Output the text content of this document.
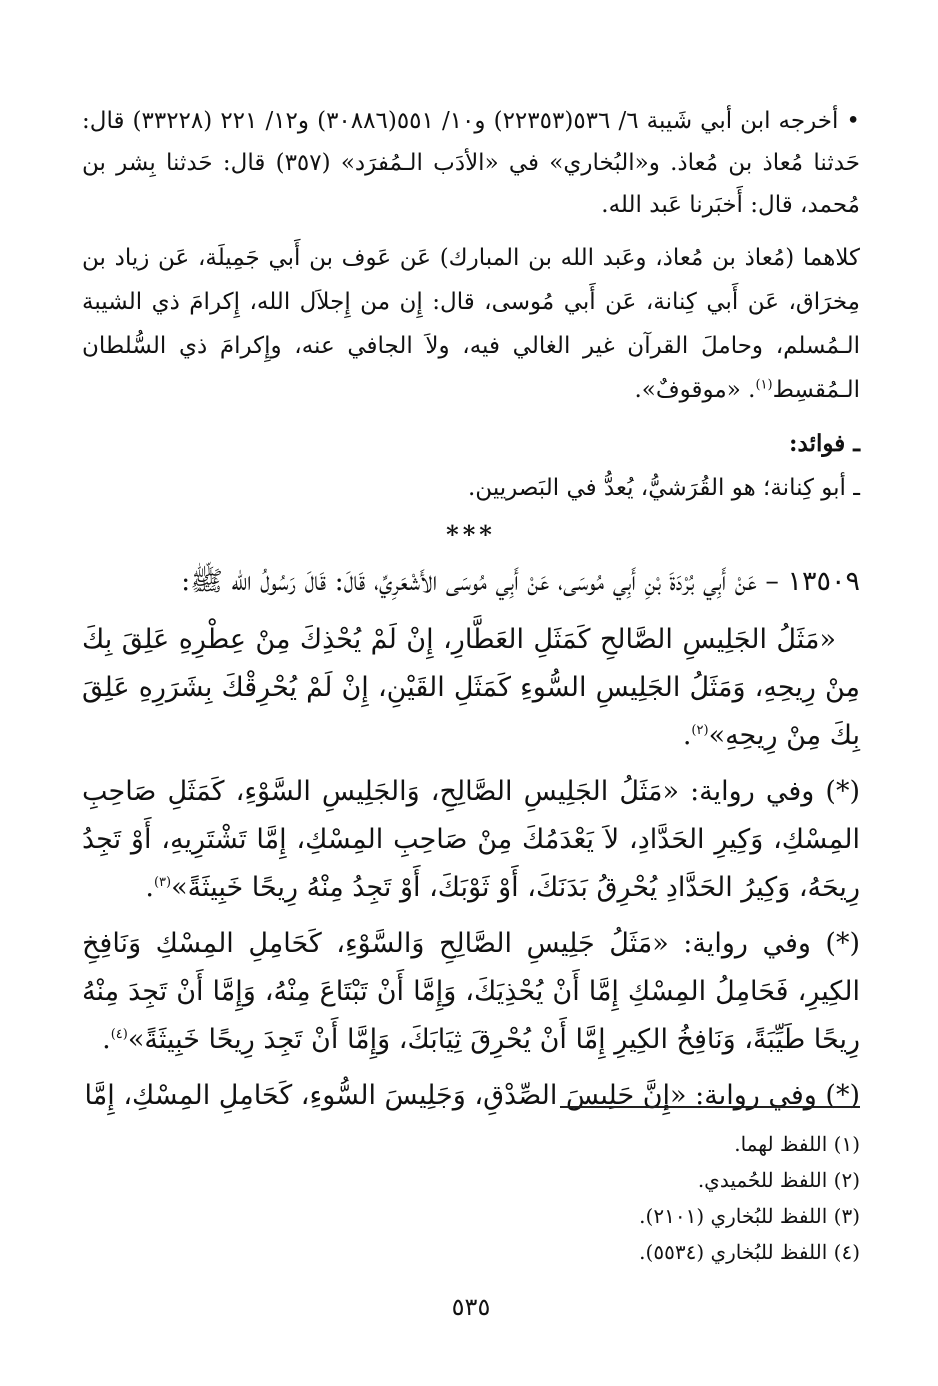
•أخرجه ابن أبي شَيبة ٦/ ٥٣٦(٢٢٣٥٣) و١٠/ ٥٥١(٣٠٨٨٦) و١٢/ ٢٢١ (٣٣٢٢٨) قال: حَدثنا مُعاذ بن مُعاذ. و«البُخاري» في «الأدَب الـمُفرَد» (٣٥٧) قال: حَدثنا بِشر بن مُحمد، قال: أَخبَرنا عَبد الله.

كلاهما (مُعاذ بن مُعاذ، وعَبد الله بن المبارك) عَن عَوف بن أَبي جَمِيلَة، عَن زياد بن مِخرَاق، عَن أَبي كِنانة، عَن أَبي مُوسى، قال: إِن من إِجلاَل الله، إِكرامَ ذي الشيبة الـمُسلم، وحاملَ القرآن غير الغالي فيه، ولاَ الجافي عنه، وإِكرامَ ذي السُّلطان الـمُقسِط$^{(١)}$. «موقوفٌ».

ـ فوائد:

ـ أبو كِنانة؛ هو القُرَشيُّ، يُعدُّ في البَصريين.

***

١٣٥٠٩ – عَنْ أَبِي بُرْدَةَ بْنِ أَبِي مُوسَى، عَنْ أَبِي مُوسَى الأَشْعَرِيِّ، قَالَ: قَالَ رَسُولُ الله ﷺ:

«مَثَلُ الجَلِيسِ الصَّالحِ كَمَثَلِ العَطَّارِ، إِنْ لَمْ يُحْذِكَ مِنْ عِطْرِهِ عَلِقَ بِكَ مِنْ رِيحِهِ، وَمَثَلُ الجَلِيسِ السُّوءِ كَمَثَلِ القَيْنِ، إِنْ لَمْ يُحْرِقْكَ بِشَرَرِهِ عَلِقَ بِكَ مِنْ رِيحِهِ»$^{(٢)}$.

(*) وفي رواية: «مَثَلُ الجَلِيسِ الصَّالِحِ، وَالجَلِيسِ السَّوْءِ، كَمَثَلِ صَاحِبِ المِسْكِ، وَكِيرِ الحَدَّادِ، لاَ يَعْدَمُكَ مِنْ صَاحِبِ المِسْكِ، إِمَّا تَشْتَرِيهِ، أَوْ تَجِدُ رِيحَهُ، وَكِيرُ الحَدَّادِ يُحْرِقُ بَدَنَكَ، أَوْ ثَوْبَكَ، أَوْ تَجِدُ مِنْهُ رِيحًا خَبِيثَةً»$^{(٣)}$.

(*) وفي رواية: «مَثَلُ جَلِيسِ الصَّالِحِ وَالسَّوْءِ، كَحَامِلِ المِسْكِ وَنَافِخِ الكِيرِ، فَحَامِلُ المِسْكِ إِمَّا أَنْ يُحْذِيَكَ، وَإِمَّا أَنْ تَبْتَاعَ مِنْهُ، وَإِمَّا أَنْ تَجِدَ مِنْهُ رِيحًا طَيِّبَةً، وَنَافِخُ الكِيرِ إِمَّا أَنْ يُحْرِقَ ثِيَابَكَ، وَإِمَّا أَنْ تَجِدَ رِيحًا خَبِيثَةً»$^{(٤)}$.

(*) وفي رواية: «إِنَّ جَلِيسَ الصِّدْقِ، وَجَلِيسَ السُّوءِ، كَحَامِلِ المِسْكِ، إِمَّا

(١) اللفظ لهما.

(٢) اللفظ للحُميدي.

(٣) اللفظ للبُخاري (٢١٠١).

(٤) اللفظ للبُخاري (٥٥٣٤).

٥٣٥
